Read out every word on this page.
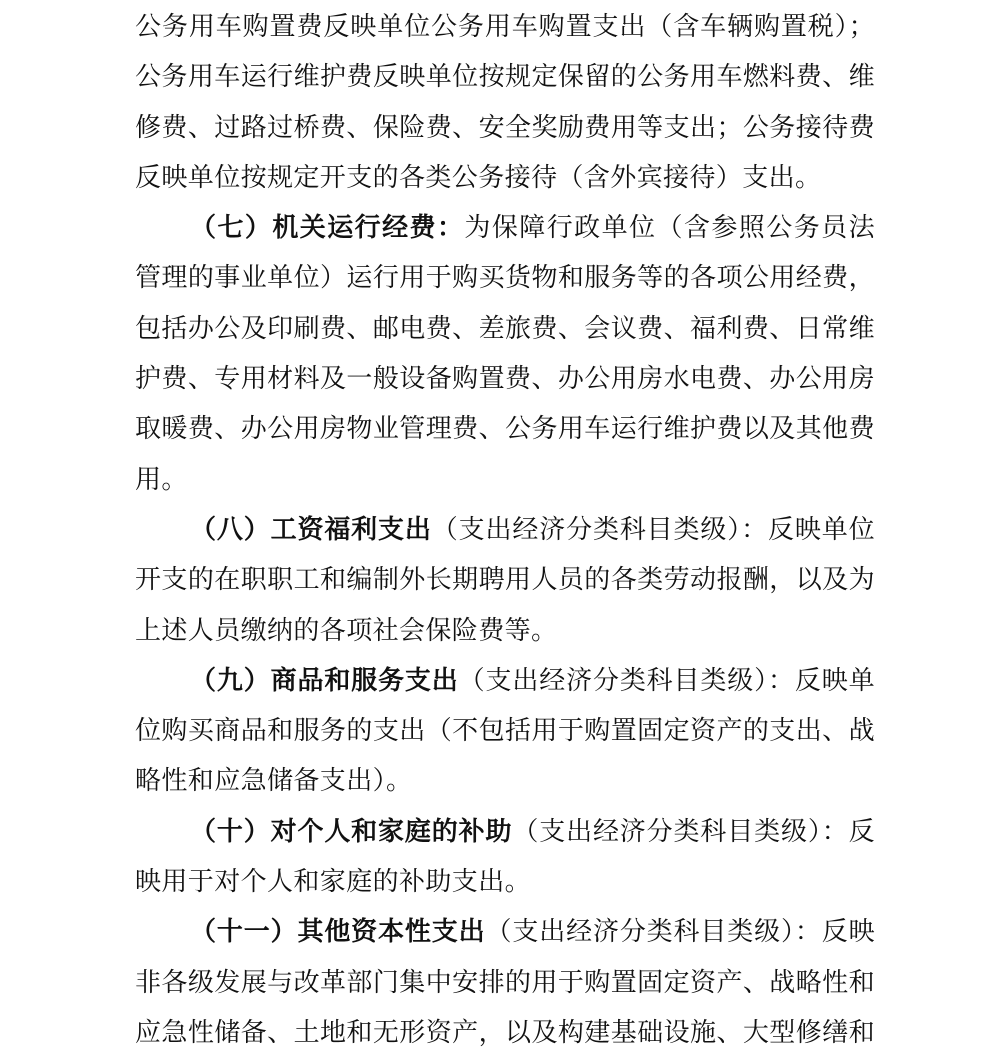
公务用车购置费反映单位公务用车购置支出（含车辆购置税）；
公务用车运行维护费反映单位按规定保留的公务用车燃料费、维
修费、过路过桥费、保险费、安全奖励费用等支出；公务接待费
反映单位按规定开支的各类公务接待（含外宾接待）支出。
（七）机关运行经费：为保障行政单位（含参照公务员法
管理的事业单位）运行用于购买货物和服务等的各项公用经费，
包括办公及印刷费、邮电费、差旅费、会议费、福利费、日常维
护费、专用材料及一般设备购置费、办公用房水电费、办公用房
取暖费、办公用房物业管理费、公务用车运行维护费以及其他费
用。
（八）工资福利支出（支出经济分类科目类级）：反映单位
开支的在职职工和编制外长期聘用人员的各类劳动报酬，以及为
上述人员缴纳的各项社会保险费等。
（九）商品和服务支出（支出经济分类科目类级）：反映单
位购买商品和服务的支出（不包括用于购置固定资产的支出、战
略性和应急储备支出）。
（十）对个人和家庭的补助（支出经济分类科目类级）：反
映用于对个人和家庭的补助支出。
（十一）其他资本性支出（支出经济分类科目类级）：反映
非各级发展与改革部门集中安排的用于购置固定资产、战略性和
应急性储备、土地和无形资产，以及构建基础设施、大型修缮和
